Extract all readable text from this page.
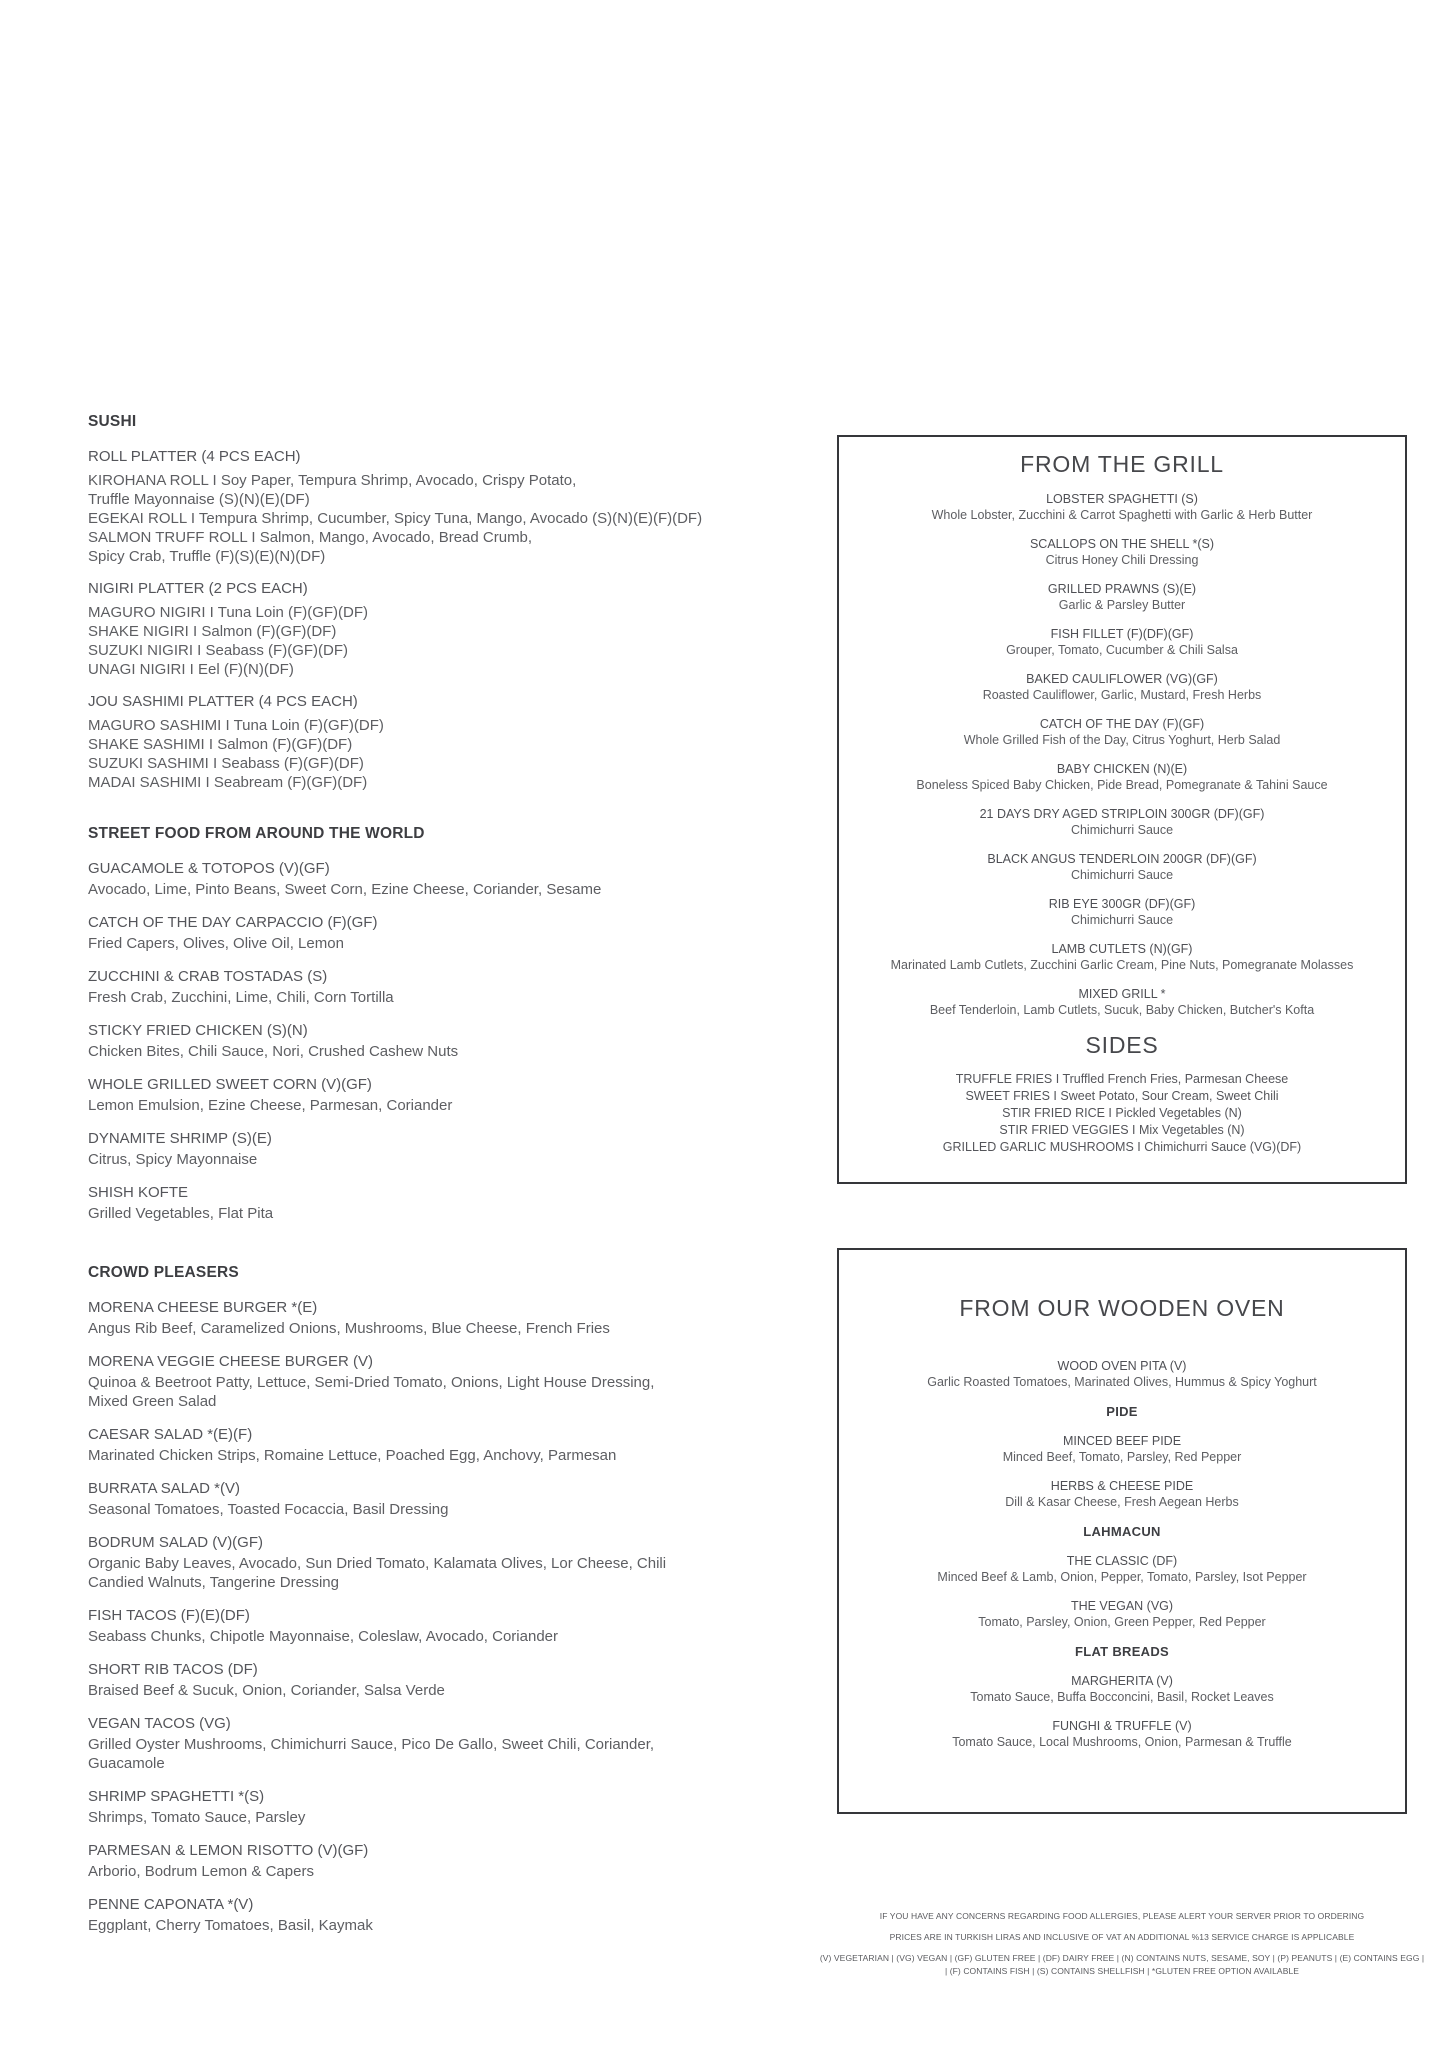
SUSHI
ROLL PLATTER (4 PCS EACH)
KIROHANA ROLL I Soy Paper, Tempura Shrimp, Avocado, Crispy Potato,
Truffle Mayonnaise (S)(N)(E)(DF)
EGEKAI ROLL I Tempura Shrimp, Cucumber, Spicy Tuna, Mango, Avocado (S)(N)(E)(F)(DF)
SALMON TRUFF ROLL I Salmon, Mango, Avocado, Bread Crumb,
Spicy Crab, Truffle (F)(S)(E)(N)(DF)
NIGIRI PLATTER (2 PCS EACH)
MAGURO NIGIRI I Tuna Loin (F)(GF)(DF)
SHAKE NIGIRI I Salmon (F)(GF)(DF)
SUZUKI NIGIRI I Seabass (F)(GF)(DF)
UNAGI NIGIRI I Eel (F)(N)(DF)
JOU SASHIMI PLATTER (4 PCS EACH)
MAGURO SASHIMI I Tuna Loin (F)(GF)(DF)
SHAKE SASHIMI I Salmon (F)(GF)(DF)
SUZUKI SASHIMI I Seabass (F)(GF)(DF)
MADAI SASHIMI I Seabream (F)(GF)(DF)
STREET FOOD FROM AROUND THE WORLD
GUACAMOLE & TOTOPOS (V)(GF)
Avocado, Lime, Pinto Beans, Sweet Corn, Ezine Cheese, Coriander, Sesame
CATCH OF THE DAY CARPACCIO (F)(GF)
Fried Capers, Olives, Olive Oil, Lemon
ZUCCHINI & CRAB TOSTADAS (S)
Fresh Crab, Zucchini, Lime, Chili, Corn Tortilla
STICKY FRIED CHICKEN (S)(N)
Chicken Bites, Chili Sauce, Nori, Crushed Cashew Nuts
WHOLE GRILLED SWEET CORN (V)(GF)
Lemon Emulsion, Ezine Cheese, Parmesan, Coriander
DYNAMITE SHRIMP (S)(E)
Citrus, Spicy Mayonnaise
SHISH KOFTE
Grilled Vegetables, Flat Pita
CROWD PLEASERS
MORENA CHEESE BURGER *(E)
Angus Rib Beef, Caramelized Onions, Mushrooms, Blue Cheese, French Fries
MORENA VEGGIE CHEESE BURGER (V)
Quinoa & Beetroot Patty, Lettuce, Semi-Dried Tomato, Onions, Light House Dressing,
Mixed Green Salad
CAESAR SALAD *(E)(F)
Marinated Chicken Strips, Romaine Lettuce, Poached Egg, Anchovy, Parmesan
BURRATA SALAD *(V)
Seasonal Tomatoes, Toasted Focaccia, Basil Dressing
BODRUM SALAD (V)(GF)
Organic Baby Leaves, Avocado, Sun Dried Tomato, Kalamata Olives, Lor Cheese, Chili
Candied Walnuts, Tangerine Dressing
FISH TACOS (F)(E)(DF)
Seabass Chunks, Chipotle Mayonnaise, Coleslaw, Avocado, Coriander
SHORT RIB TACOS (DF)
Braised Beef & Sucuk, Onion, Coriander, Salsa Verde
VEGAN TACOS (VG)
Grilled Oyster Mushrooms, Chimichurri Sauce, Pico De Gallo, Sweet Chili, Coriander,
Guacamole
SHRIMP SPAGHETTI *(S)
Shrimps, Tomato Sauce, Parsley
PARMESAN & LEMON RISOTTO (V)(GF)
Arborio, Bodrum Lemon & Capers
PENNE CAPONATA *(V)
Eggplant, Cherry Tomatoes, Basil, Kaymak
FROM THE GRILL
LOBSTER SPAGHETTI (S)
Whole Lobster, Zucchini & Carrot Spaghetti with Garlic & Herb Butter
SCALLOPS ON THE SHELL *(S)
Citrus Honey Chili Dressing
GRILLED PRAWNS (S)(E)
Garlic & Parsley Butter
FISH FILLET (F)(DF)(GF)
Grouper, Tomato, Cucumber & Chili Salsa
BAKED CAULIFLOWER (VG)(GF)
Roasted Cauliflower, Garlic, Mustard, Fresh Herbs
CATCH OF THE DAY (F)(GF)
Whole Grilled Fish of the Day, Citrus Yoghurt, Herb Salad
BABY CHICKEN (N)(E)
Boneless Spiced Baby Chicken, Pide Bread, Pomegranate & Tahini Sauce
21 DAYS DRY AGED STRIPLOIN 300GR (DF)(GF)
Chimichurri Sauce
BLACK ANGUS TENDERLOIN 200GR (DF)(GF)
Chimichurri Sauce
RIB EYE 300GR (DF)(GF)
Chimichurri Sauce
LAMB CUTLETS (N)(GF)
Marinated Lamb Cutlets, Zucchini Garlic Cream, Pine Nuts, Pomegranate Molasses
MIXED GRILL *
Beef Tenderloin, Lamb Cutlets, Sucuk, Baby Chicken, Butcher's Kofta
SIDES
TRUFFLE FRIES I Truffled French Fries, Parmesan Cheese
SWEET FRIES I Sweet Potato, Sour Cream, Sweet Chili
STIR FRIED RICE I Pickled Vegetables (N)
STIR FRIED VEGGIES I Mix Vegetables (N)
GRILLED GARLIC MUSHROOMS I Chimichurri Sauce (VG)(DF)
FROM OUR WOODEN OVEN
WOOD OVEN PITA (V)
Garlic Roasted Tomatoes, Marinated Olives, Hummus & Spicy Yoghurt
PIDE
MINCED BEEF PIDE
Minced Beef, Tomato, Parsley, Red Pepper
HERBS & CHEESE PIDE
Dill & Kasar Cheese, Fresh Aegean Herbs
LAHMACUN
THE CLASSIC (DF)
Minced Beef & Lamb, Onion, Pepper, Tomato, Parsley, Isot Pepper
THE VEGAN (VG)
Tomato, Parsley, Onion, Green Pepper, Red Pepper
FLAT BREADS
MARGHERITA (V)
Tomato Sauce, Buffa Bocconcini, Basil, Rocket Leaves
FUNGHI & TRUFFLE (V)
Tomato Sauce, Local Mushrooms, Onion, Parmesan & Truffle
IF YOU HAVE ANY CONCERNS REGARDING FOOD ALLERGIES, PLEASE ALERT YOUR SERVER PRIOR TO ORDERING
PRICES ARE IN TURKISH LIRAS AND INCLUSIVE OF VAT AN ADDITIONAL %13 SERVICE CHARGE IS APPLICABLE
(V) VEGETARIAN | (VG) VEGAN | (GF) GLUTEN FREE | (DF) DAIRY FREE | (N) CONTAINS NUTS, SESAME, SOY | (P) PEANUTS | (E) CONTAINS EGG |
| (F) CONTAINS FISH | (S) CONTAINS SHELLFISH | *GLUTEN FREE OPTION AVAILABLE
